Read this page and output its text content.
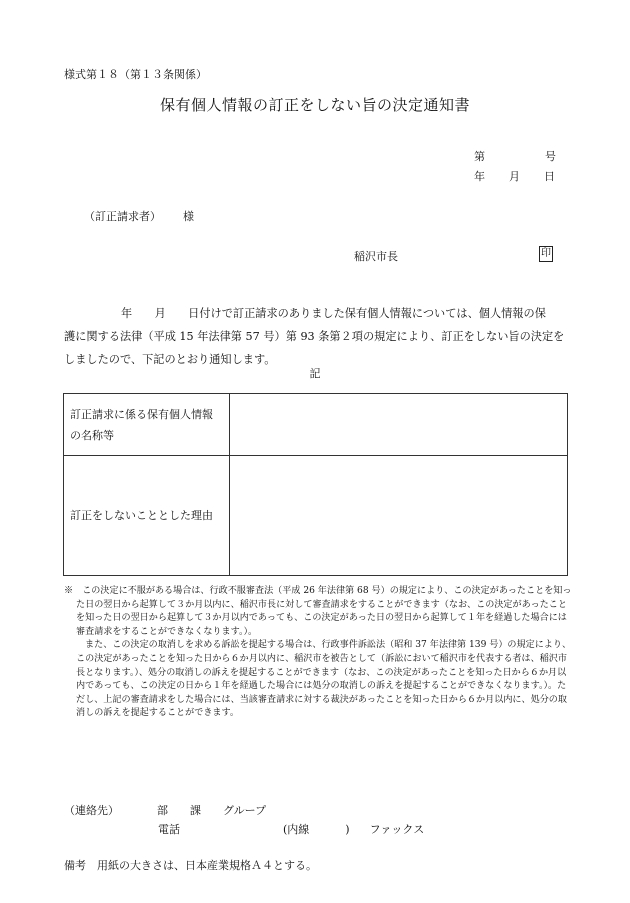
様式第１８（第１３条関係）
保有個人情報の訂正をしない旨の決定通知書
第	号
年 月 日
（訂正請求者） 様
稲沢市長	印

年　　月　　日付けで訂正請求のありました保有個人情報については、個人情報の保

護に関する法律（平成 15 年法律第 57 号）第 93 条第２項の規定により、訂正をしない旨の決定を

しましたので、下記のとおり通知します。

記
訂正請求に係る保有個人情報
の名称等	

訂正をしないこととした理由	

※　この決定に不服がある場合は、行政不服審査法（平成 26 年法律第 68 号）の規定により、この決定があったことを知った日の翌日から起算して３か月以内に、稲沢市長に対して審査請求をすることができます（なお、この決定があったことを知った日の翌日から起算して３か月以内であっても、この決定があった日の翌日から起算して１年を経過した場合には審査請求をすることができなくなります。）。

また、この決定の取消しを求める訴訟を提起する場合は、行政事件訴訟法（昭和 37 年法律第 139 号）の規定により、この決定があったことを知った日から６か月以内に、稲沢市を被告として（訴訟において稲沢市を代表する者は、稲沢市長となります。）、処分の取消しの訴えを提起することができます（なお、この決定があったことを知った日から６か月以内であっても、この決定の日から１年を経過した場合には処分の取消しの訴えを提起することができなくなります。）。ただし、上記の審査請求をした場合には、当該審査請求に対する裁決があったことを知った日から６か月以内に、処分の取消しの訴えを提起することができます。

（連絡先）	部 課 グループ
電話	(内線	) ファックス
備考　用紙の大きさは、日本産業規格Ａ４とする。
